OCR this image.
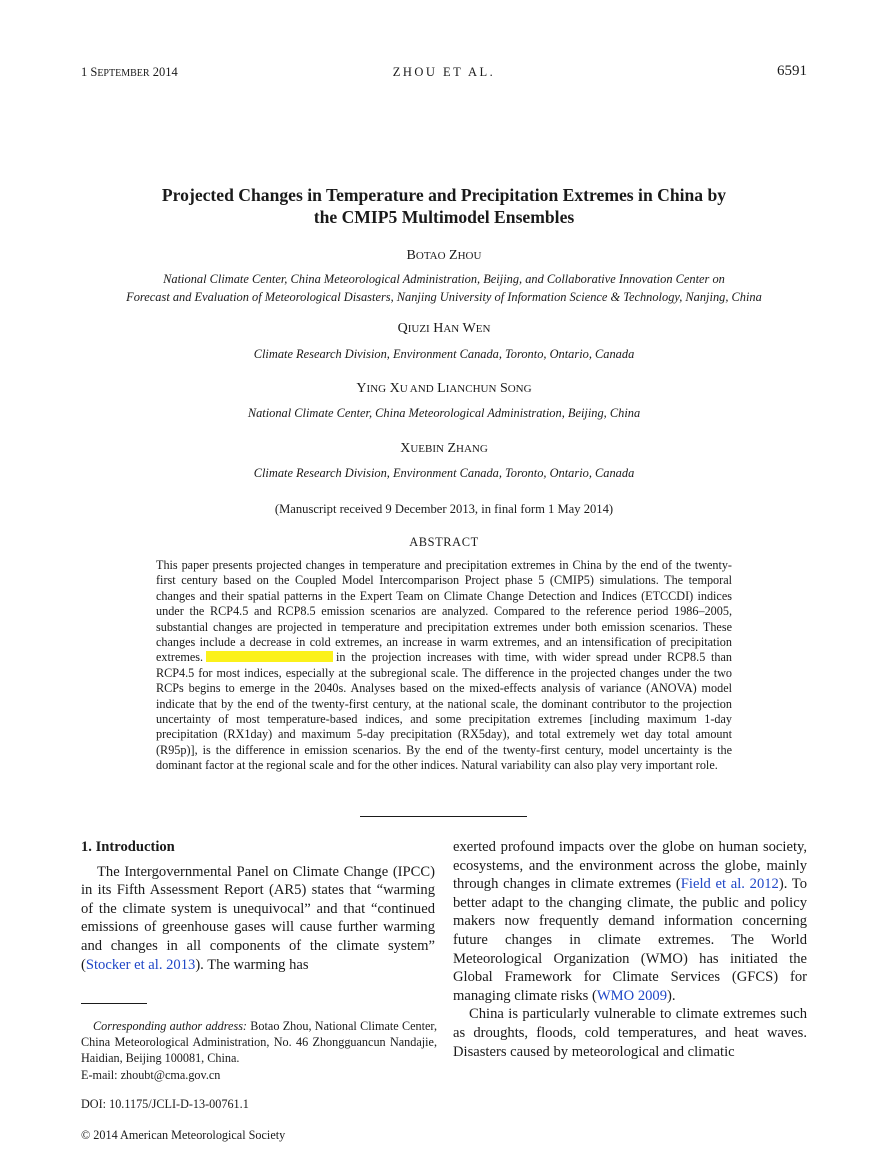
1 SEPTEMBER 2014	ZHOU ET AL.	6591
Projected Changes in Temperature and Precipitation Extremes in China by
the CMIP5 Multimodel Ensembles
BOTAO ZHOU
National Climate Center, China Meteorological Administration, Beijing, and Collaborative Innovation Center on
Forecast and Evaluation of Meteorological Disasters, Nanjing University of Information Science & Technology, Nanjing, China
QIUZI HAN WEN
Climate Research Division, Environment Canada, Toronto, Ontario, Canada
YING XU AND LIANCHUN SONG
National Climate Center, China Meteorological Administration, Beijing, China
XUEBIN ZHANG
Climate Research Division, Environment Canada, Toronto, Ontario, Canada
(Manuscript received 9 December 2013, in final form 1 May 2014)
ABSTRACT

This paper presents projected changes in temperature and precipitation extremes in China by the end of the twenty-first century based on the Coupled Model Intercomparison Project phase 5 (CMIP5) simulations. The temporal changes and their spatial patterns in the Expert Team on Climate Change Detection and Indices (ETCCDI) indices under the RCP4.5 and RCP8.5 emission scenarios are analyzed. Compared to the reference period 1986–2005, substantial changes are projected in temperature and precipitation extremes under both emission scenarios. These changes include a decrease in cold extremes, an increase in warm extremes, and an intensification of precipitation extremes.	in the projection increases with time, with wider spread under RCP8.5 than RCP4.5 for most indices, especially at the subregional scale. The difference in the projected changes under the two RCPs begins to emerge in the 2040s. Analyses based on the mixed-effects analysis of variance (ANOVA) model indicate that by the end of the twenty-first century, at the national scale, the dominant contributor to the projection uncertainty of most temperature-based indices, and some precipitation extremes [including maximum 1-day precipitation (RX1day) and maximum 5-day precipitation (RX5day), and total extremely wet day total amount (R95p)], is the difference in emission scenarios. By the end of the twenty-first century, model uncertainty is the dominant factor at the regional scale and for the other indices. Natural variability can also play very important role.

1. Introduction

The Intergovernmental Panel on Climate Change (IPCC) in its Fifth Assessment Report (AR5) states that “warming of the climate system is unequivocal” and that “continued emissions of greenhouse gases will cause further warming and changes in all components of the climate system” (Stocker et al. 2013). The warming has

exerted profound impacts over the globe on human society, ecosystems, and the environment across the globe, mainly through changes in climate extremes (Field et al. 2012). To better adapt to the changing climate, the public and policy makers now frequently demand information concerning future changes in climate extremes. The World Meteorological Organization (WMO) has initiated the Global Framework for Climate Services (GFCS) for managing climate risks (WMO 2009).

China is particularly vulnerable to climate extremes such as droughts, floods, cold temperatures, and heat waves. Disasters caused by meteorological and climatic

Corresponding author address: Botao Zhou, National Climate Center, China Meteorological Administration, No. 46 Zhongguancun Nandajie, Haidian, Beijing 100081, China.

E-mail: zhoubt@cma.gov.cn

DOI: 10.1175/JCLI-D-13-00761.1
© 2014 American Meteorological Society
